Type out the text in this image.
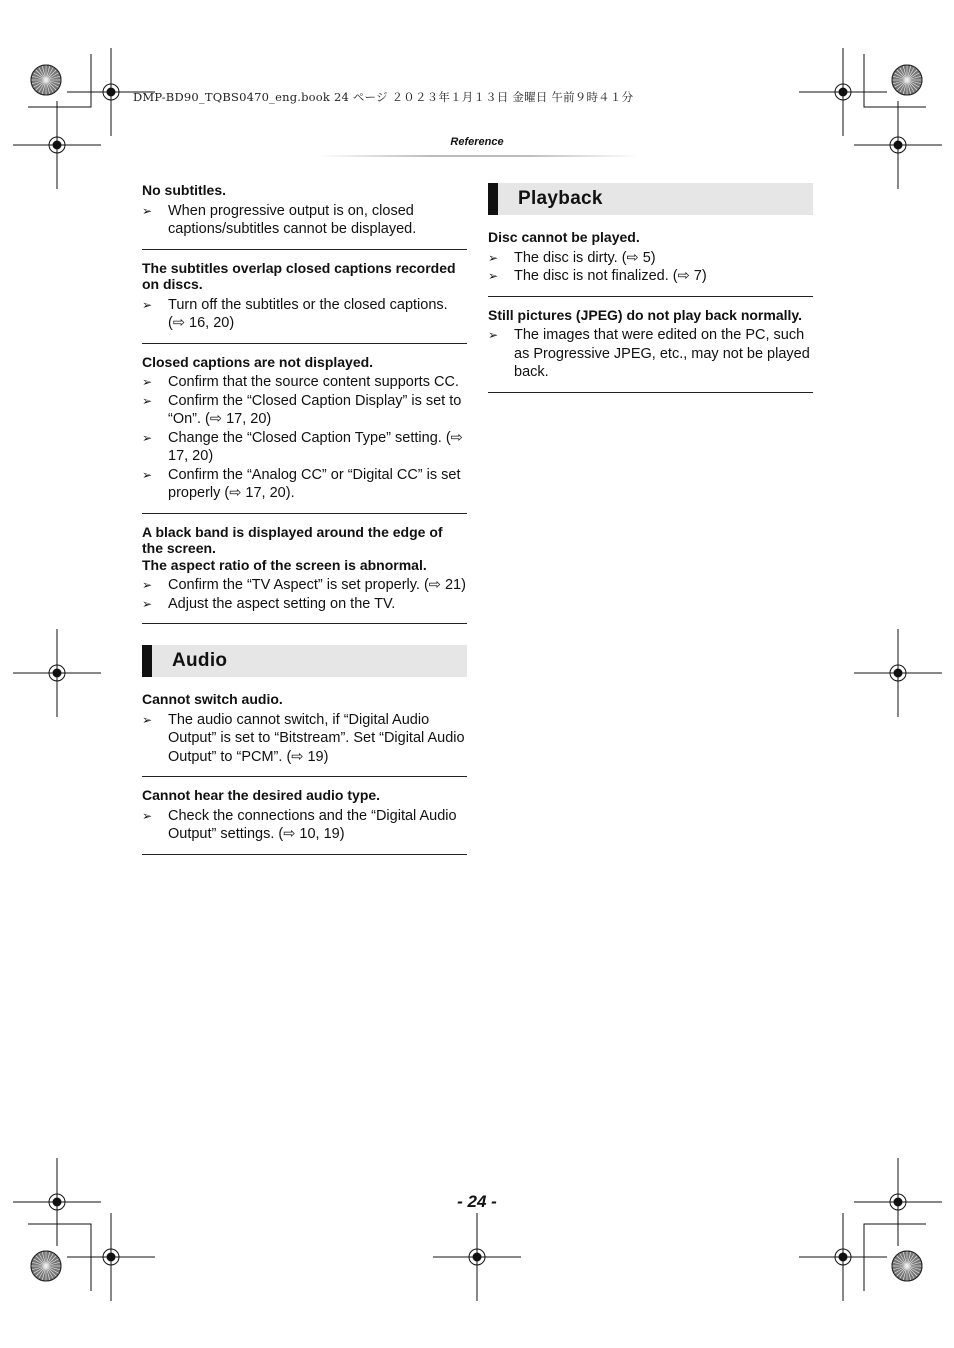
DMP-BD90_TQBS0470_eng.book 24 ページ ２０２３年１月１３日 金曜日 午前９時４１分
Reference
No subtitles.
➢ When progressive output is on, closed captions/subtitles cannot be displayed.
The subtitles overlap closed captions recorded on discs.
➢ Turn off the subtitles or the closed captions. (⇨ 16, 20)
Closed captions are not displayed.
➢ Confirm that the source content supports CC.
➢ Confirm the “Closed Caption Display” is set to “On”. (⇨ 17, 20)
➢ Change the “Closed Caption Type” setting. (⇨ 17, 20)
➢ Confirm the “Analog CC” or “Digital CC” is set properly (⇨ 17, 20).
A black band is displayed around the edge of the screen.
The aspect ratio of the screen is abnormal.
➢ Confirm the “TV Aspect” is set properly. (⇨ 21)
➢ Adjust the aspect setting on the TV.
Audio
Cannot switch audio.
➢ The audio cannot switch, if “Digital Audio Output” is set to “Bitstream”. Set “Digital Audio Output” to “PCM”. (⇨ 19)
Cannot hear the desired audio type.
➢ Check the connections and the “Digital Audio Output” settings. (⇨ 10, 19)
Playback
Disc cannot be played.
➢ The disc is dirty. (⇨ 5)
➢ The disc is not finalized. (⇨ 7)
Still pictures (JPEG) do not play back normally.
➢ The images that were edited on the PC, such as Progressive JPEG, etc., may not be played back.
- 24 -
